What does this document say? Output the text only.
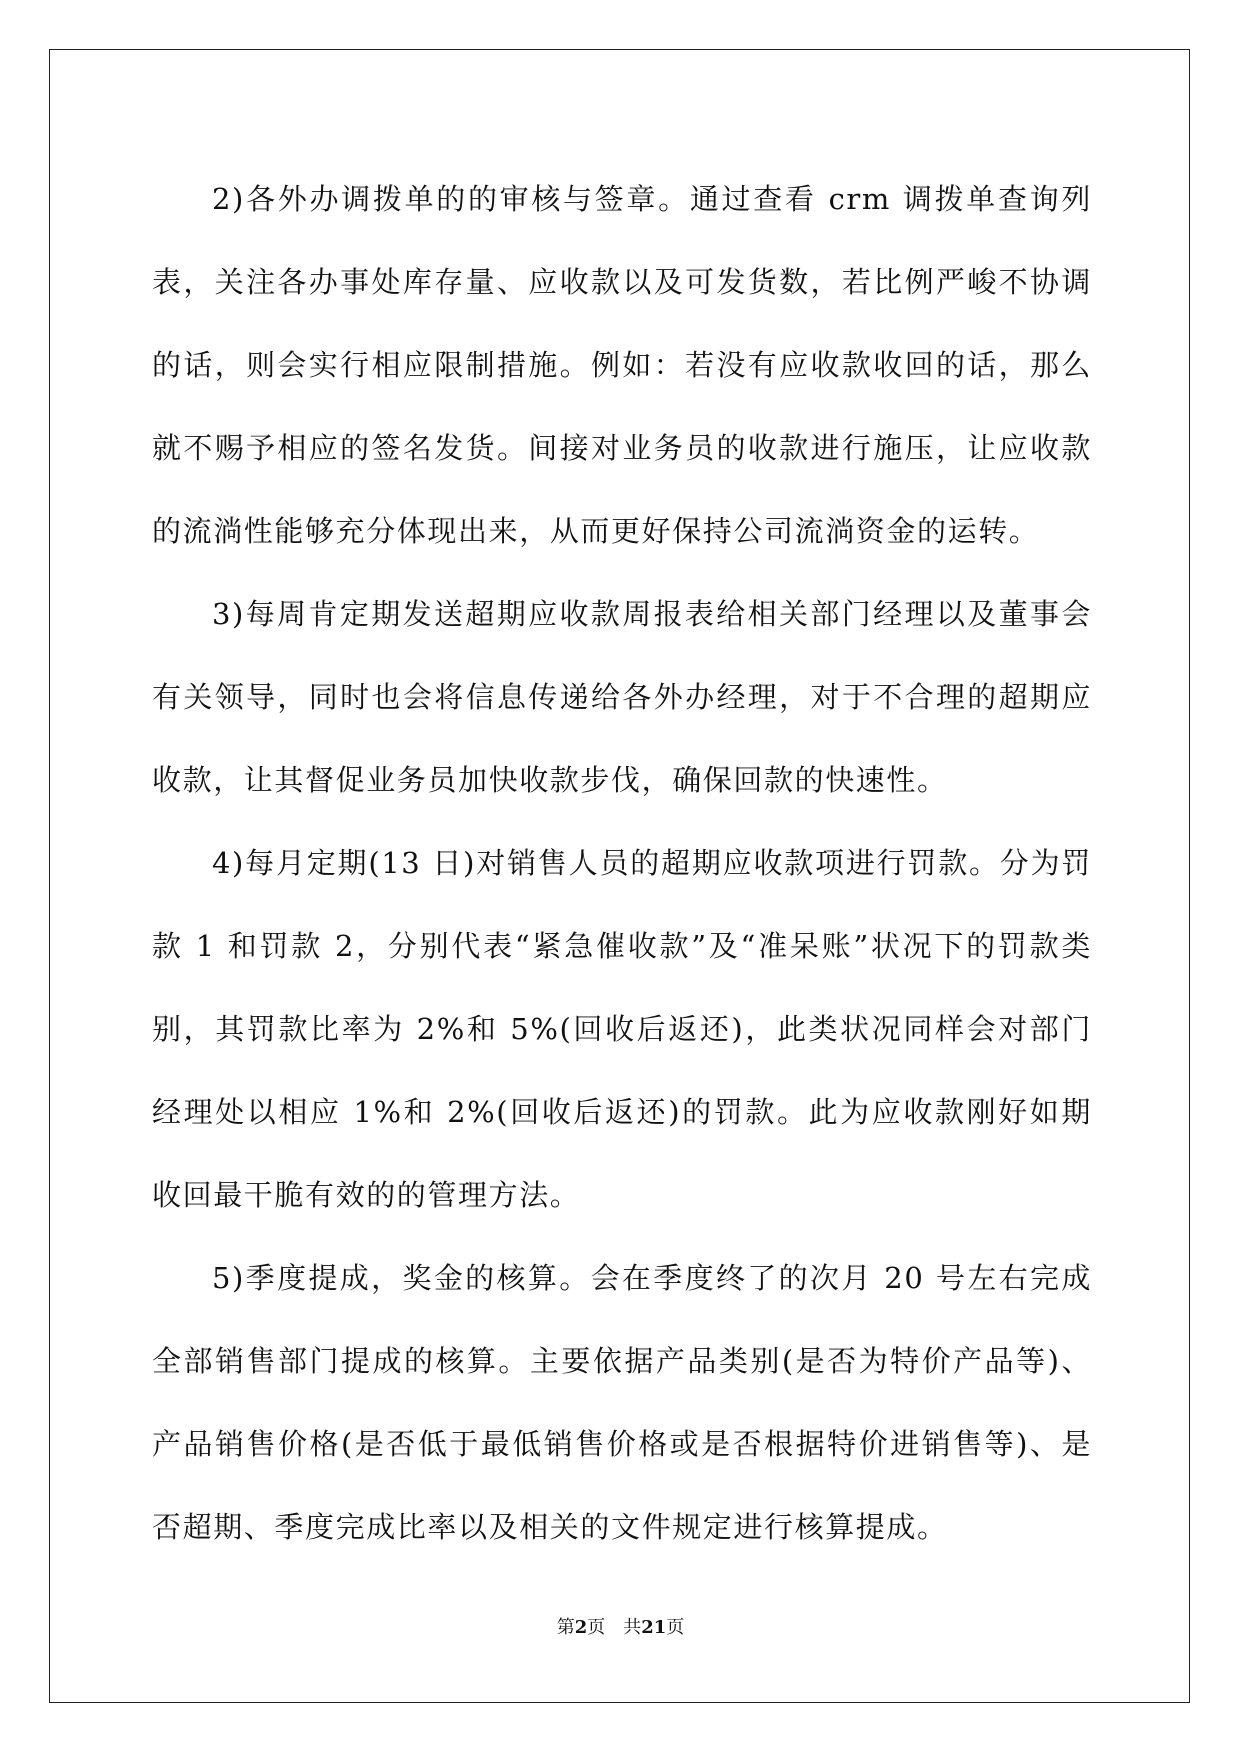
2)各外办调拨单的的审核与签章。通过查看 crm 调拨单查询列表，关注各办事处库存量、应收款以及可发货数，若比例严峻不协调的话，则会实行相应限制措施。例如：若没有应收款收回的话，那么就不赐予相应的签名发货。间接对业务员的收款进行施压，让应收款的流淌性能够充分体现出来，从而更好保持公司流淌资金的运转。

3)每周肯定期发送超期应收款周报表给相关部门经理以及董事会有关领导，同时也会将信息传递给各外办经理，对于不合理的超期应收款，让其督促业务员加快收款步伐，确保回款的快速性。

4)每月定期(13 日)对销售人员的超期应收款项进行罚款。分为罚款 1 和罚款 2，分别代表“紧急催收款”及“准呆账”状况下的罚款类别，其罚款比率为 2%和 5%(回收后返还)，此类状况同样会对部门经理处以相应 1%和 2%(回收后返还)的罚款。此为应收款刚好如期收回最干脆有效的的管理方法。

5)季度提成，奖金的核算。会在季度终了的次月 20 号左右完成全部销售部门提成的核算。主要依据产品类别(是否为特价产品等)、产品销售价格(是否低于最低销售价格或是否根据特价进销售等)、是否超期、季度完成比率以及相关的文件规定进行核算提成。

第2页 共21页
